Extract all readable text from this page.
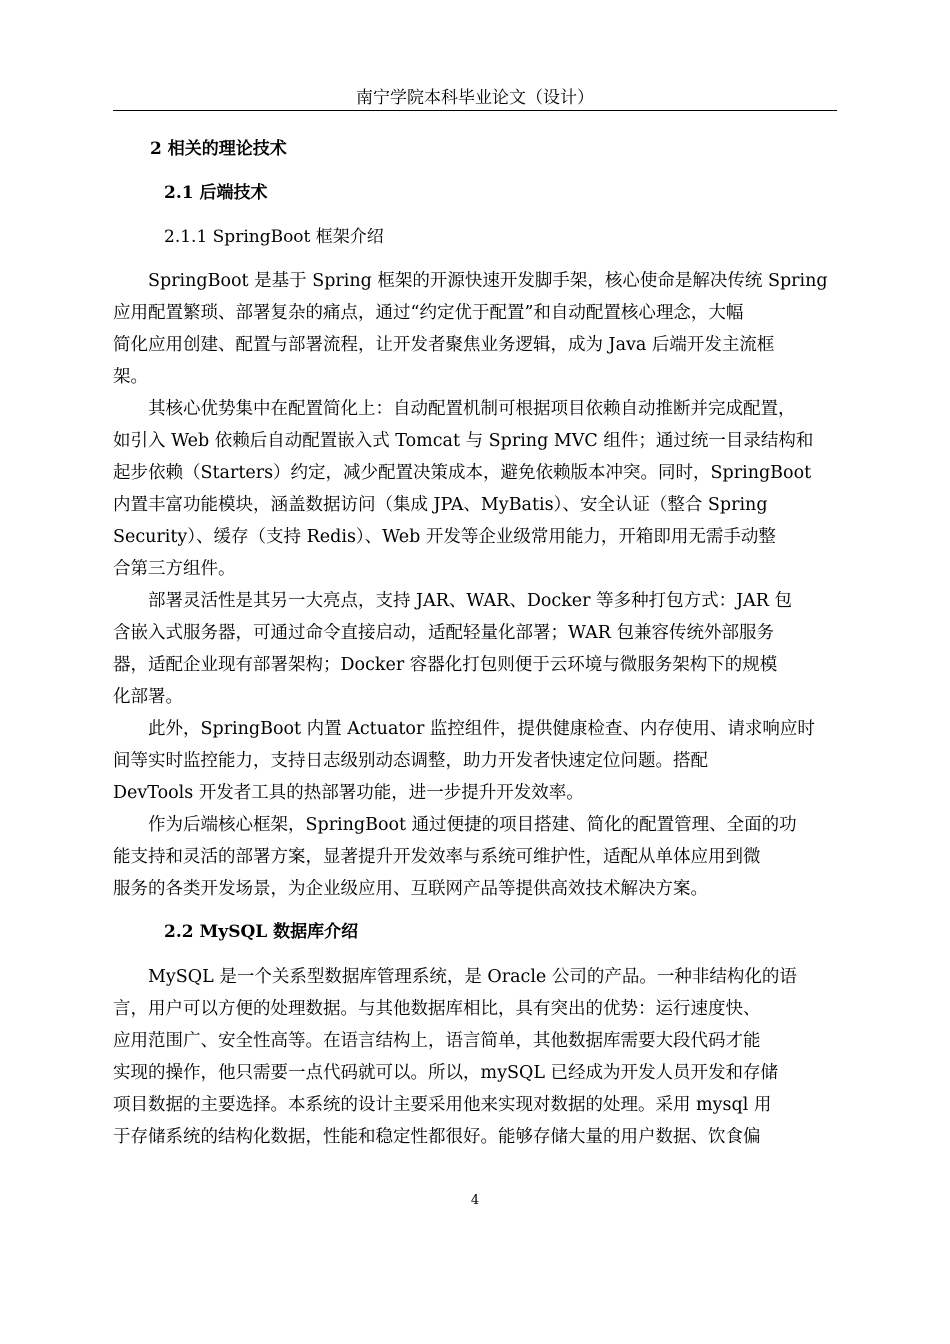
南宁学院本科毕业论文（设计）
2 相关的理论技术
2.1 后端技术
2.1.1 SpringBoot 框架介绍
SpringBoot 是基于 Spring 框架的开源快速开发脚手架，核心使命是解决传统 Spring
应用配置繁琐、部署复杂的痛点，通过“约定优于配置”和自动配置核心理念，大幅
简化应用创建、配置与部署流程，让开发者聚焦业务逻辑，成为 Java 后端开发主流框
架。
其核心优势集中在配置简化上：自动配置机制可根据项目依赖自动推断并完成配置，
如引入 Web 依赖后自动配置嵌入式 Tomcat 与 Spring MVC 组件；通过统一目录结构和
起步依赖（Starters）约定，减少配置决策成本，避免依赖版本冲突。同时，SpringBoot
内置丰富功能模块，涵盖数据访问（集成 JPA、MyBatis）、安全认证（整合 Spring
Security）、缓存（支持 Redis）、Web 开发等企业级常用能力，开箱即用无需手动整
合第三方组件。
部署灵活性是其另一大亮点，支持 JAR、WAR、Docker 等多种打包方式：JAR 包
含嵌入式服务器，可通过命令直接启动，适配轻量化部署；WAR 包兼容传统外部服务
器，适配企业现有部署架构；Docker 容器化打包则便于云环境与微服务架构下的规模
化部署。
此外，SpringBoot 内置 Actuator 监控组件，提供健康检查、内存使用、请求响应时
间等实时监控能力，支持日志级别动态调整，助力开发者快速定位问题。搭配
DevTools 开发者工具的热部署功能，进一步提升开发效率。
作为后端核心框架，SpringBoot 通过便捷的项目搭建、简化的配置管理、全面的功
能支持和灵活的部署方案，显著提升开发效率与系统可维护性，适配从单体应用到微
服务的各类开发场景，为企业级应用、互联网产品等提供高效技术解决方案。
2.2 MySQL 数据库介绍
MySQL 是一个关系型数据库管理系统，是 Oracle 公司的产品。一种非结构化的语
言，用户可以方便的处理数据。与其他数据库相比，具有突出的优势：运行速度快、
应用范围广、安全性高等。在语言结构上，语言简单，其他数据库需要大段代码才能
实现的操作，他只需要一点代码就可以。所以，mySQL 已经成为开发人员开发和存储
项目数据的主要选择。本系统的设计主要采用他来实现对数据的处理。采用 mysql 用
于存储系统的结构化数据，性能和稳定性都很好。能够存储大量的用户数据、饮食偏
4
